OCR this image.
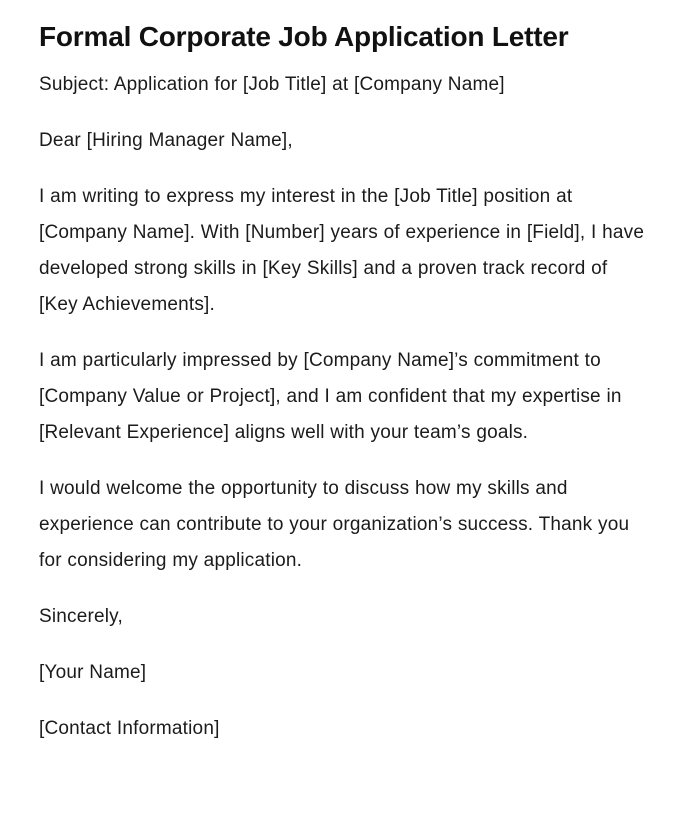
Formal Corporate Job Application Letter

Subject: Application for [Job Title] at [Company Name]

Dear [Hiring Manager Name],

I am writing to express my interest in the [Job Title] position at [Company Name]. With [Number] years of experience in [Field], I have developed strong skills in [Key Skills] and a proven track record of [Key Achievements].

I am particularly impressed by [Company Name]’s commitment to [Company Value or Project], and I am confident that my expertise in [Relevant Experience] aligns well with your team’s goals.

I would welcome the opportunity to discuss how my skills and experience can contribute to your organization’s success. Thank you for considering my application.

Sincerely,

[Your Name]

[Contact Information]
